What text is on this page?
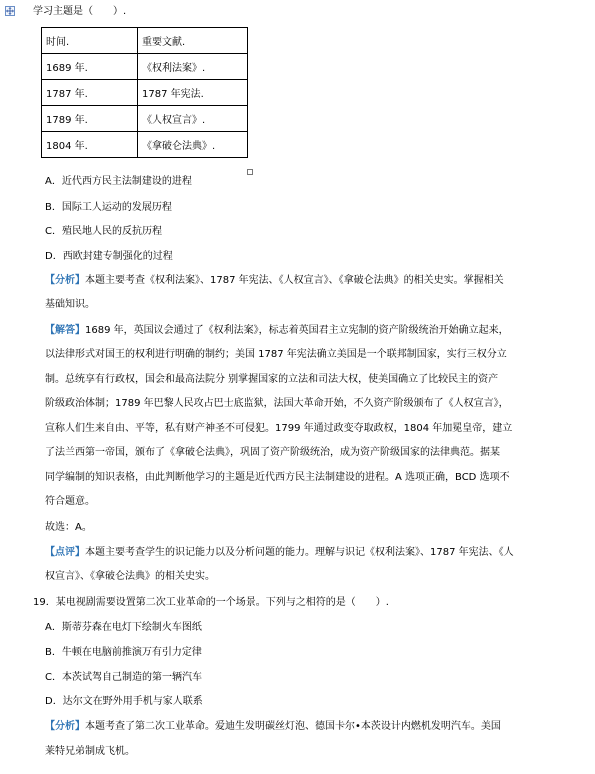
学习主题是（　　）.
时间.	重要文献.
1689 年.	《权利法案》.
1787 年.	1787 年宪法.
1789 年.	《人权宣言》.
1804 年.	《拿破仑法典》.
A．近代西方民主法制建设的进程
B．国际工人运动的发展历程
C．殖民地人民的反抗历程
D．西欧封建专制强化的过程
【分析】本题主要考查《权利法案》、1787 年宪法、《人权宣言》、《拿破仑法典》的相关史实。掌握相关
基础知识。
【解答】1689 年，英国议会通过了《权利法案》，标志着英国君主立宪制的资产阶级统治开始确立起来，
以法律形式对国王的权利进行明确的制约；美国 1787 年宪法确立美国是一个联邦制国家，实行三权分立
制。总统享有行政权，国会和最高法院分 别掌握国家的立法和司法大权，使美国确立了比较民主的资产
阶级政治体制；1789 年巴黎人民攻占巴士底监狱，法国大革命开始，不久资产阶级颁布了《人权宣言》，
宣称人们生来自由、平等，私有财产神圣不可侵犯。1799 年通过政变夺取政权，1804 年加冕皇帝，建立
了法兰西第一帝国，颁布了《拿破仑法典》，巩固了资产阶级统治，成为资产阶级国家的法律典范。据某
同学编制的知识表格，由此判断他学习的主题是近代西方民主法制建设的进程。A 选项正确，BCD 选项不
符合题意。
故选：A。
【点评】本题主要考查学生的识记能力以及分析问题的能力。理解与识记《权利法案》、1787 年宪法、《人
权宣言》、《拿破仑法典》的相关史实。
19．某电视剧需要设置第二次工业革命的一个场景。下列与之相符的是（　　）.
A．斯蒂芬森在电灯下绘制火车图纸
B．牛顿在电脑前推演万有引力定律
C．本茨试驾自己制造的第一辆汽车
D．达尔文在野外用手机与家人联系
【分析】本题考查了第二次工业革命。爱迪生发明碳丝灯泡、德国卡尔•本茨设计内燃机发明汽车。美国
莱特兄弟制成飞机。
